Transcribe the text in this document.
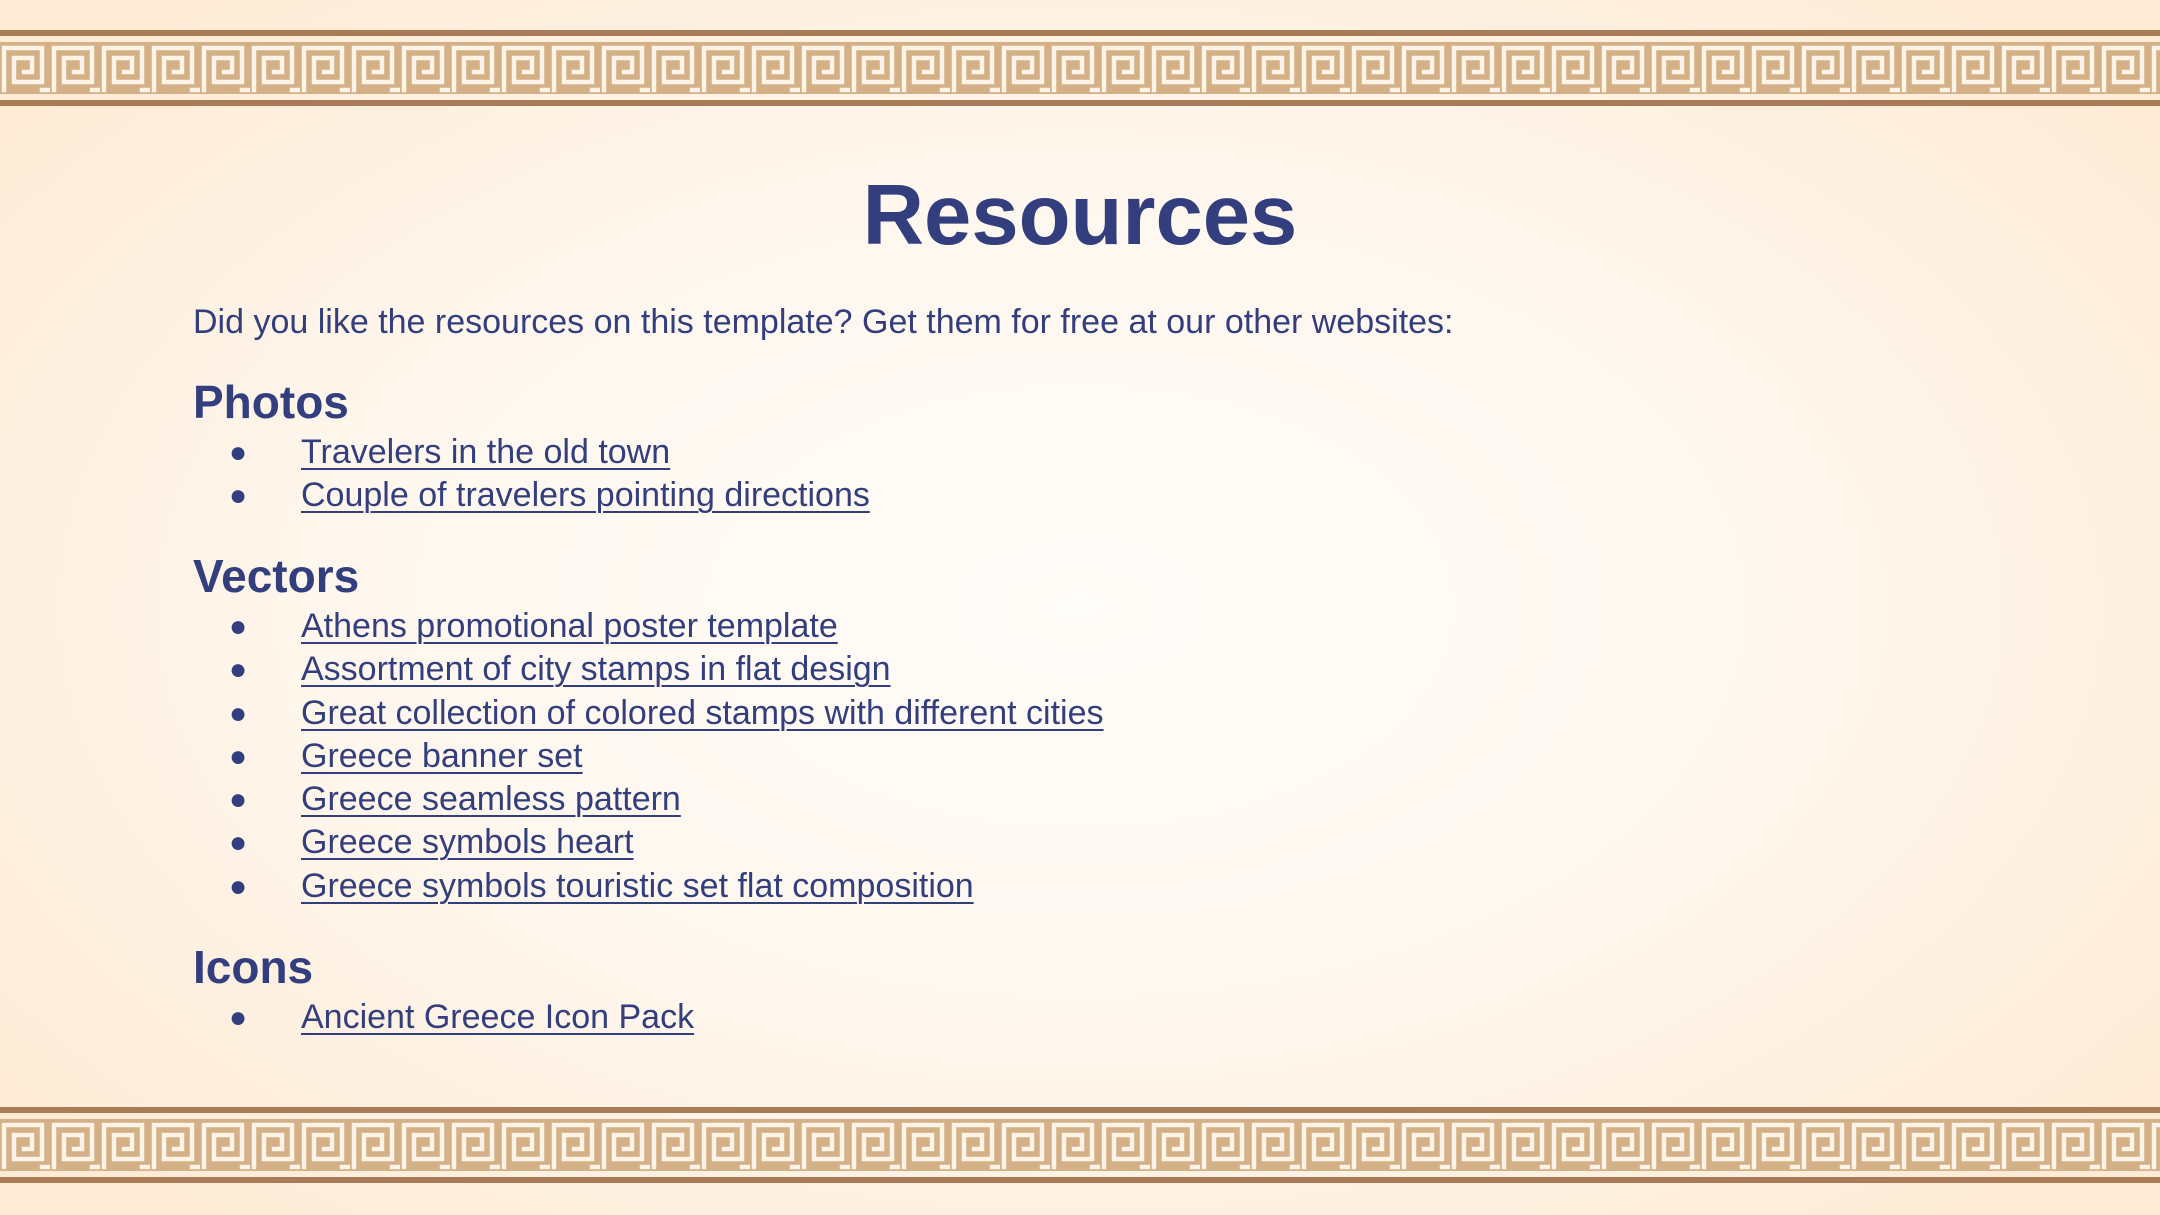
Resources

Did you like the resources on this template? Get them for free at our other websites:

Photos
● Travelers in the old town
● Couple of travelers pointing directions
Vectors
● Athens promotional poster template
● Assortment of city stamps in flat design
● Great collection of colored stamps with different cities
● Greece banner set
● Greece seamless pattern
● Greece symbols heart
● Greece symbols touristic set flat composition
Icons
● Ancient Greece Icon Pack
